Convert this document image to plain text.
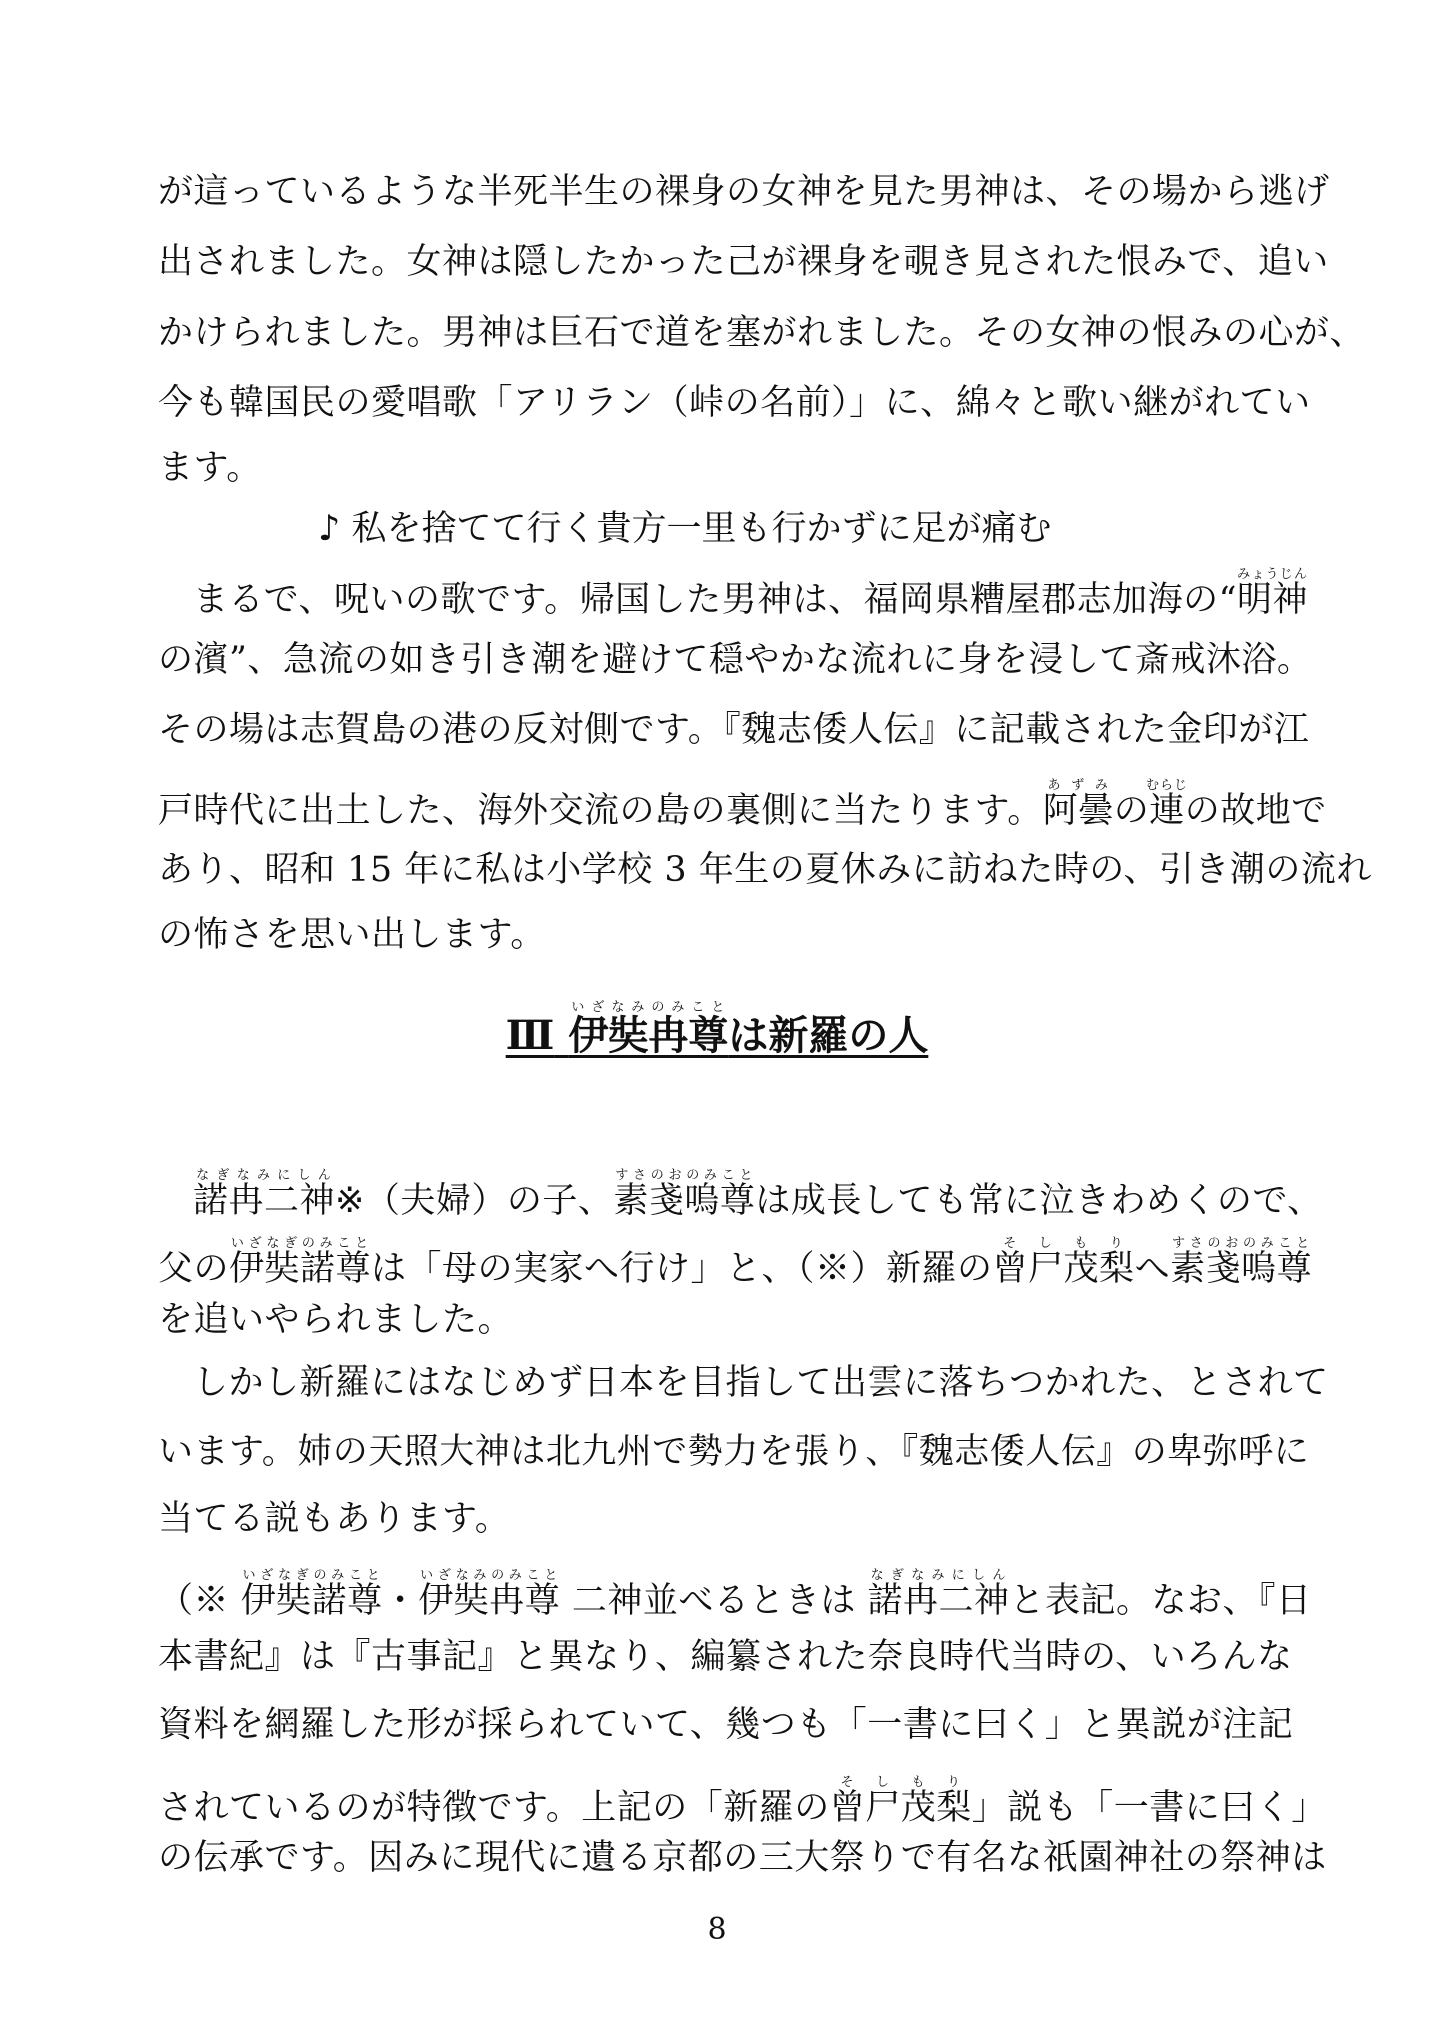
が這っているような半死半生の裸身の女神を見た男神は、その場から逃げ
出されました。女神は隠したかった己が裸身を覗き見された恨みで、追い
かけられました。男神は巨石で道を塞がれました。その女神の恨みの心が、
今も韓国民の愛唱歌「アリラン（峠の名前）」に、綿々と歌い継がれてい
ます。
♪ 私を捨てて行く貴方一里も行かずに足が痛む
まるで、呪いの歌です。帰国した男神は、福岡県糟屋郡志加海の“明神みょうじん
の濱”、急流の如き引き潮を避けて穏やかな流れに身を浸して斎戒沐浴。
その場は志賀島の港の反対側です。『魏志倭人伝』に記載された金印が江
戸時代に出土した、海外交流の島の裏側に当たります。阿曇あずみの連むらじの故地で
あり、昭和 15 年に私は小学校 3 年生の夏休みに訪ねた時の、引き潮の流れ
の怖さを思い出します。
Ⅲ 伊奘冉尊いざなみのみことは新羅の人
諾冉二神なぎなみにしん※（夫婦）の子、素戔嗚尊すさのおのみことは成長しても常に泣きわめくので、
父の伊奘諾尊いざなぎのみことは「母の実家へ行け」と、（※）新羅の曾尸茂梨そしもりへ素戔嗚尊すさのおのみこと
を追いやられました。
しかし新羅にはなじめず日本を目指して出雲に落ちつかれた、とされて
います。姉の天照大神は北九州で勢力を張り、『魏志倭人伝』の卑弥呼に
当てる説もあります。
（※ 伊奘諾尊いざなぎのみこと・伊奘冉尊いざなみのみこと 二神並べるときは 諾冉二神なぎなみにしんと表記。なお、『日
本書紀』は『古事記』と異なり、編纂された奈良時代当時の、いろんな
資料を網羅した形が採られていて、幾つも「一書に曰く」と異説が注記
されているのが特徴です。上記の「新羅の曾尸茂梨そしもり」説も「一書に曰く」
の伝承です。因みに現代に遺る京都の三大祭りで有名な祇園神社の祭神は
8
